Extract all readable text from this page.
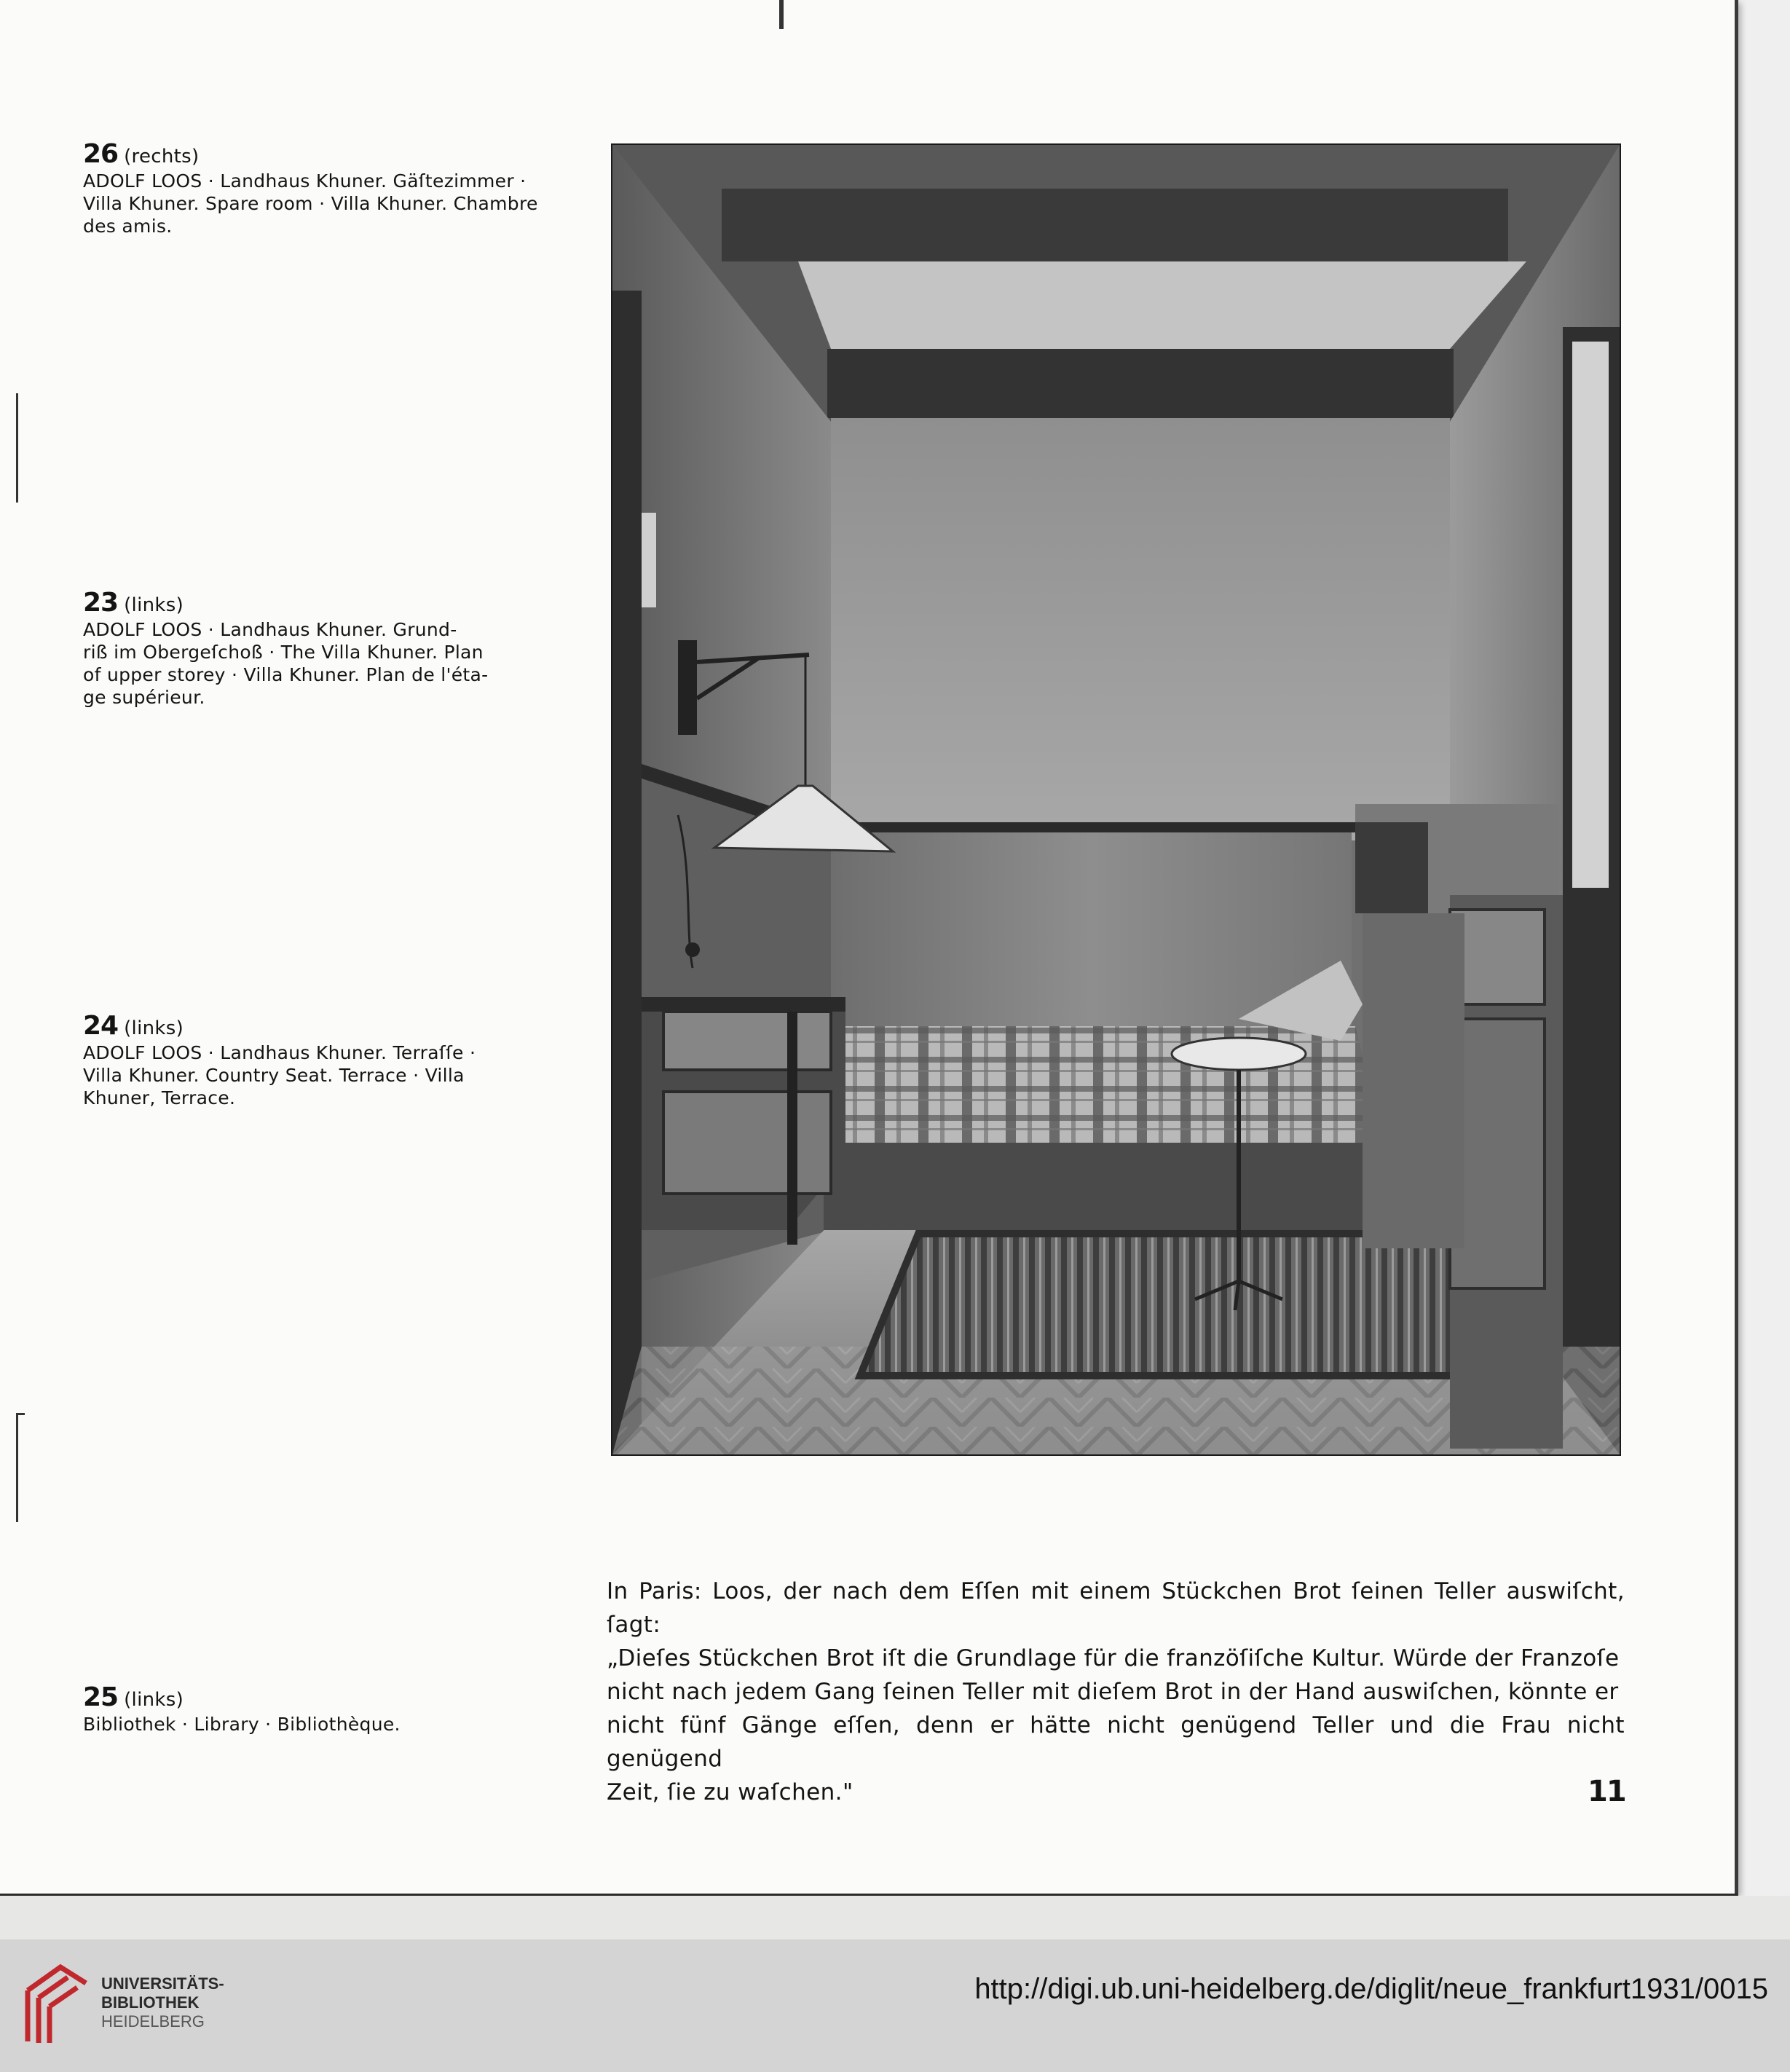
26 (rechts)
ADOLF LOOS · Landhaus Khuner. Gäſtezimmer ·
Villa Khuner. Spare room · Villa Khuner. Chambre
des amis.
23 (links)
ADOLF LOOS · Landhaus Khuner. Grund-
riß im Obergeſchoß · The Villa Khuner. Plan
of upper storey · Villa Khuner. Plan de l'éta-
ge supérieur.
24 (links)
ADOLF LOOS · Landhaus Khuner. Terraſſe ·
Villa Khuner. Country Seat. Terrace · Villa
Khuner, Terrace.
25 (links)
Bibliothek · Library · Bibliothèque.
In Paris: Loos, der nach dem Eſſen mit einem Stückchen Brot ſeinen Teller auswiſcht, ſagt:
„Dieſes Stückchen Brot iſt die Grundlage für die franzöſiſche Kultur. Würde der Franzoſe
nicht nach jedem Gang ſeinen Teller mit dieſem Brot in der Hand auswiſchen, könnte er
nicht fünf Gänge eſſen, denn er hätte nicht genügend Teller und die Frau nicht genügend
Zeit, ſie zu waſchen."	11
UNIVERSITÄTS-
BIBLIOTHEK
HEIDELBERG
http://digi.ub.uni-heidelberg.de/diglit/neue_frankfurt1931/0015
